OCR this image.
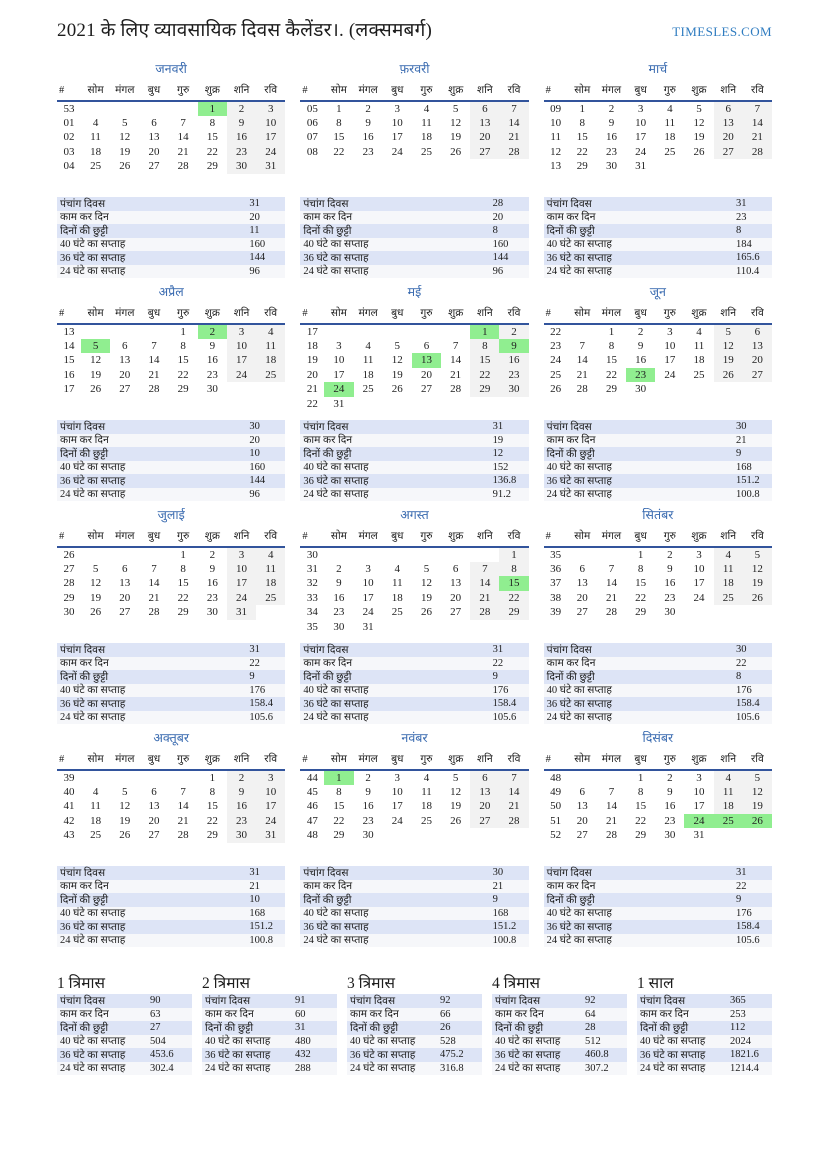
2021 के लिए व्यावसायिक दिवस कैलेंडर।. (लक्समबर्ग)	TIMESLES.COM
जनवरी
#	सोम	मंगल	बुध	गुरु	शुक्र	शनि	रवि
53					1	2	3
01	4	5	6	7	8	9	10
02	11	12	13	14	15	16	17
03	18	19	20	21	22	23	24
04	25	26	27	28	29	30	31
पंचांग दिवस	31
काम कर दिन	20
दिनों की छुट्टी	11
40 घंटे का सप्ताह	160
36 घंटे का सप्ताह	144
24 घंटे का सप्ताह	96
फ़रवरी
#	सोम	मंगल	बुध	गुरु	शुक्र	शनि	रवि
05	1	2	3	4	5	6	7
06	8	9	10	11	12	13	14
07	15	16	17	18	19	20	21
08	22	23	24	25	26	27	28
पंचांग दिवस	28
काम कर दिन	20
दिनों की छुट्टी	8
40 घंटे का सप्ताह	160
36 घंटे का सप्ताह	144
24 घंटे का सप्ताह	96
मार्च
#	सोम	मंगल	बुध	गुरु	शुक्र	शनि	रवि
09	1	2	3	4	5	6	7
10	8	9	10	11	12	13	14
11	15	16	17	18	19	20	21
12	22	23	24	25	26	27	28
13	29	30	31				
पंचांग दिवस	31
काम कर दिन	23
दिनों की छुट्टी	8
40 घंटे का सप्ताह	184
36 घंटे का सप्ताह	165.6
24 घंटे का सप्ताह	110.4
अप्रैल
#	सोम	मंगल	बुध	गुरु	शुक्र	शनि	रवि
13				1	2	3	4
14	5	6	7	8	9	10	11
15	12	13	14	15	16	17	18
16	19	20	21	22	23	24	25
17	26	27	28	29	30		
पंचांग दिवस	30
काम कर दिन	20
दिनों की छुट्टी	10
40 घंटे का सप्ताह	160
36 घंटे का सप्ताह	144
24 घंटे का सप्ताह	96
मई
#	सोम	मंगल	बुध	गुरु	शुक्र	शनि	रवि
17						1	2
18	3	4	5	6	7	8	9
19	10	11	12	13	14	15	16
20	17	18	19	20	21	22	23
21	24	25	26	27	28	29	30
22	31						
पंचांग दिवस	31
काम कर दिन	19
दिनों की छुट्टी	12
40 घंटे का सप्ताह	152
36 घंटे का सप्ताह	136.8
24 घंटे का सप्ताह	91.2
जून
#	सोम	मंगल	बुध	गुरु	शुक्र	शनि	रवि
22		1	2	3	4	5	6
23	7	8	9	10	11	12	13
24	14	15	16	17	18	19	20
25	21	22	23	24	25	26	27
26	28	29	30				
पंचांग दिवस	30
काम कर दिन	21
दिनों की छुट्टी	9
40 घंटे का सप्ताह	168
36 घंटे का सप्ताह	151.2
24 घंटे का सप्ताह	100.8
जुलाई
#	सोम	मंगल	बुध	गुरु	शुक्र	शनि	रवि
26				1	2	3	4
27	5	6	7	8	9	10	11
28	12	13	14	15	16	17	18
29	19	20	21	22	23	24	25
30	26	27	28	29	30	31	
पंचांग दिवस	31
काम कर दिन	22
दिनों की छुट्टी	9
40 घंटे का सप्ताह	176
36 घंटे का सप्ताह	158.4
24 घंटे का सप्ताह	105.6
अगस्त
#	सोम	मंगल	बुध	गुरु	शुक्र	शनि	रवि
30							1
31	2	3	4	5	6	7	8
32	9	10	11	12	13	14	15
33	16	17	18	19	20	21	22
34	23	24	25	26	27	28	29
35	30	31					
पंचांग दिवस	31
काम कर दिन	22
दिनों की छुट्टी	9
40 घंटे का सप्ताह	176
36 घंटे का सप्ताह	158.4
24 घंटे का सप्ताह	105.6
सितंबर
#	सोम	मंगल	बुध	गुरु	शुक्र	शनि	रवि
35			1	2	3	4	5
36	6	7	8	9	10	11	12
37	13	14	15	16	17	18	19
38	20	21	22	23	24	25	26
39	27	28	29	30			
पंचांग दिवस	30
काम कर दिन	22
दिनों की छुट्टी	8
40 घंटे का सप्ताह	176
36 घंटे का सप्ताह	158.4
24 घंटे का सप्ताह	105.6
अक्तूबर
#	सोम	मंगल	बुध	गुरु	शुक्र	शनि	रवि
39					1	2	3
40	4	5	6	7	8	9	10
41	11	12	13	14	15	16	17
42	18	19	20	21	22	23	24
43	25	26	27	28	29	30	31
पंचांग दिवस	31
काम कर दिन	21
दिनों की छुट्टी	10
40 घंटे का सप्ताह	168
36 घंटे का सप्ताह	151.2
24 घंटे का सप्ताह	100.8
नवंबर
#	सोम	मंगल	बुध	गुरु	शुक्र	शनि	रवि
44	1	2	3	4	5	6	7
45	8	9	10	11	12	13	14
46	15	16	17	18	19	20	21
47	22	23	24	25	26	27	28
48	29	30					
पंचांग दिवस	30
काम कर दिन	21
दिनों की छुट्टी	9
40 घंटे का सप्ताह	168
36 घंटे का सप्ताह	151.2
24 घंटे का सप्ताह	100.8
दिसंबर
#	सोम	मंगल	बुध	गुरु	शुक्र	शनि	रवि
48			1	2	3	4	5
49	6	7	8	9	10	11	12
50	13	14	15	16	17	18	19
51	20	21	22	23	24	25	26
52	27	28	29	30	31		
पंचांग दिवस	31
काम कर दिन	22
दिनों की छुट्टी	9
40 घंटे का सप्ताह	176
36 घंटे का सप्ताह	158.4
24 घंटे का सप्ताह	105.6
1 त्रिमास
पंचांग दिवस	90
काम कर दिन	63
दिनों की छुट्टी	27
40 घंटे का सप्ताह	504
36 घंटे का सप्ताह	453.6
24 घंटे का सप्ताह	302.4
2 त्रिमास
पंचांग दिवस	91
काम कर दिन	60
दिनों की छुट्टी	31
40 घंटे का सप्ताह	480
36 घंटे का सप्ताह	432
24 घंटे का सप्ताह	288
3 त्रिमास
पंचांग दिवस	92
काम कर दिन	66
दिनों की छुट्टी	26
40 घंटे का सप्ताह	528
36 घंटे का सप्ताह	475.2
24 घंटे का सप्ताह	316.8
4 त्रिमास
पंचांग दिवस	92
काम कर दिन	64
दिनों की छुट्टी	28
40 घंटे का सप्ताह	512
36 घंटे का सप्ताह	460.8
24 घंटे का सप्ताह	307.2
1 साल
पंचांग दिवस	365
काम कर दिन	253
दिनों की छुट्टी	112
40 घंटे का सप्ताह	2024
36 घंटे का सप्ताह	1821.6
24 घंटे का सप्ताह	1214.4
